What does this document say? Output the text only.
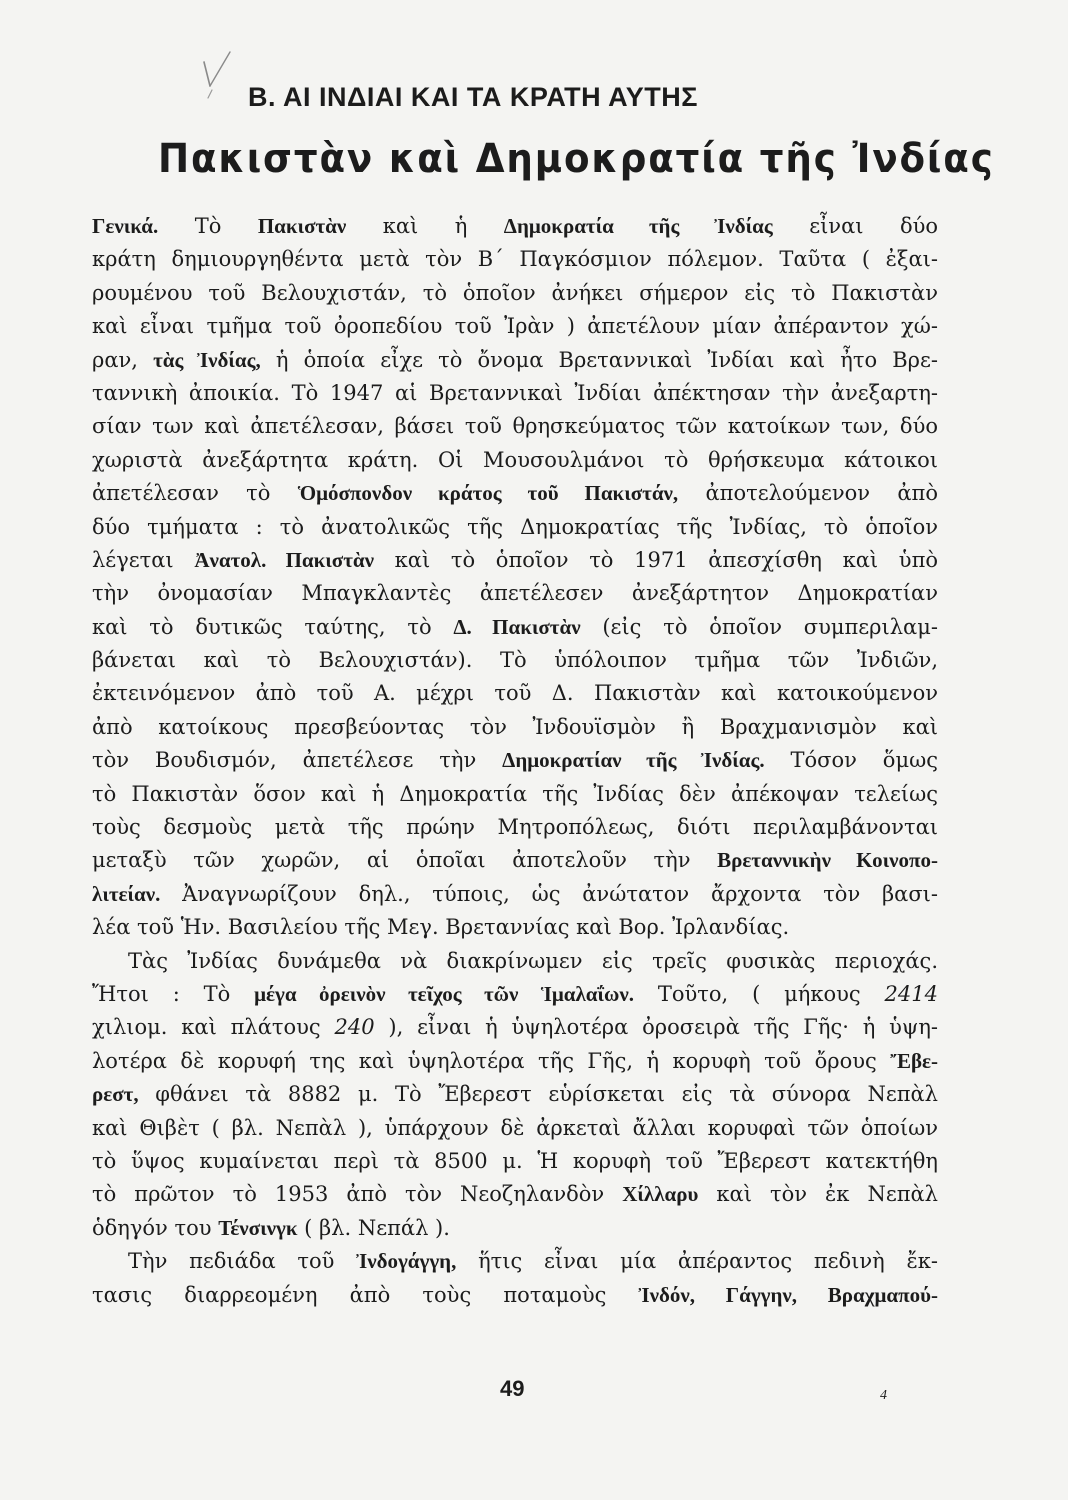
Β. ΑΙ ΙΝΔΙΑΙ ΚΑΙ ΤΑ ΚΡΑΤΗ ΑΥΤΗΣ
Πακιστὰν καὶ Δημοκρατία τῆς Ἰνδίας
Γενικά. Τὸ Πακιστὰν καὶ ἡ Δημοκρατία τῆς Ἰνδίας εἶναι δύο
κράτη δημιουργηθέντα μετὰ τὸν Β΄ Παγκόσμιον πόλεμον. Ταῦτα ( ἐξαι-
ρουμένου τοῦ Βελουχιστάν, τὸ ὁποῖον ἀνήκει σήμερον εἰς τὸ Πακιστὰν
καὶ εἶναι τμῆμα τοῦ ὀροπεδίου τοῦ Ἰρὰν ) ἀπετέλουν μίαν ἀπέραντον χώ-
ραν, τὰς Ἰνδίας, ἡ ὁποία εἶχε τὸ ὄνομα Βρεταννικαὶ Ἰνδίαι καὶ ἦτο Βρε-
ταννικὴ ἀποικία. Τὸ 1947 αἱ Βρεταννικαὶ Ἰνδίαι ἀπέκτησαν τὴν ἀνεξαρτη-
σίαν των καὶ ἀπετέλεσαν, βάσει τοῦ θρησκεύματος τῶν κατοίκων των, δύο
χωριστὰ ἀνεξάρτητα κράτη. Οἱ Μουσουλμάνοι τὸ θρήσκευμα κάτοικοι
ἀπετέλεσαν τὸ Ὁμόσπονδον κράτος τοῦ Πακιστάν, ἀποτελούμενον ἀπὸ
δύο τμήματα : τὸ ἀνατολικῶς τῆς Δημοκρατίας τῆς Ἰνδίας, τὸ ὁποῖον
λέγεται Ἀνατολ. Πακιστὰν καὶ τὸ ὁποῖον τὸ 1971 ἀπεσχίσθη καὶ ὑπὸ
τὴν ὀνομασίαν Μπαγκλαντὲς ἀπετέλεσεν ἀνεξάρτητον Δημοκρατίαν
καὶ τὸ δυτικῶς ταύτης, τὸ Δ. Πακιστὰν (εἰς τὸ ὁποῖον συμπεριλαμ-
βάνεται καὶ τὸ Βελουχιστάν). Τὸ ὑπόλοιπον τμῆμα τῶν Ἰνδιῶν,
ἐκτεινόμενον ἀπὸ τοῦ Α. μέχρι τοῦ Δ. Πακιστὰν καὶ κατοικούμενον
ἀπὸ κατοίκους πρεσβεύοντας τὸν Ἰνδουϊσμὸν ἢ Βραχμανισμὸν καὶ
τὸν Βουδισμόν, ἀπετέλεσε τὴν Δημοκρατίαν τῆς Ἰνδίας. Τόσον ὅμως
τὸ Πακιστὰν ὅσον καὶ ἡ Δημοκρατία τῆς Ἰνδίας δὲν ἀπέκοψαν τελείως
τοὺς δεσμοὺς μετὰ τῆς πρώην Μητροπόλεως, διότι περιλαμβάνονται
μεταξὺ τῶν χωρῶν, αἱ ὁποῖαι ἀποτελοῦν τὴν Βρεταννικὴν Κοινοπο-
λιτείαν. Ἀναγνωρίζουν δηλ., τύποις, ὡς ἀνώτατον ἄρχοντα τὸν βασι-
λέα τοῦ Ἡν. Βασιλείου τῆς Μεγ. Βρεταννίας καὶ Βορ. Ἰρλανδίας.
Τὰς Ἰνδίας δυνάμεθα νὰ διακρίνωμεν εἰς τρεῖς φυσικὰς περιοχάς.
Ἤτοι : Τὸ μέγα ὀρεινὸν τεῖχος τῶν Ἱμαλαΐων. Τοῦτο, ( μήκους 2414
χιλιομ. καὶ πλάτους 240 ), εἶναι ἡ ὑψηλοτέρα ὀροσειρὰ τῆς Γῆς· ἡ ὑψη-
λοτέρα δὲ κορυφή της καὶ ὑψηλοτέρα τῆς Γῆς, ἡ κορυφὴ τοῦ ὄρους Ἔβε-
ρεστ, φθάνει τὰ 8882 μ. Τὸ Ἔβερεστ εὑρίσκεται εἰς τὰ σύνορα Νεπὰλ
καὶ Θιβὲτ ( βλ. Νεπὰλ ), ὑπάρχουν δὲ ἀρκεταὶ ἄλλαι κορυφαὶ τῶν ὁποίων
τὸ ὕψος κυμαίνεται περὶ τὰ 8500 μ. Ἡ κορυφὴ τοῦ Ἔβερεστ κατεκτήθη
τὸ πρῶτον τὸ 1953 ἀπὸ τὸν Νεοζηλανδὸν Χίλλαρυ καὶ τὸν ἐκ Νεπὰλ
ὁδηγόν του Τένσινγκ ( βλ. Νεπάλ ).
Τὴν πεδιάδα τοῦ Ἰνδογάγγη, ἥτις εἶναι μία ἀπέραντος πεδινὴ ἔκ-
τασις διαρρεομένη ἀπὸ τοὺς ποταμοὺς Ἰνδόν, Γάγγην, Βραχμαπού-
49	4
